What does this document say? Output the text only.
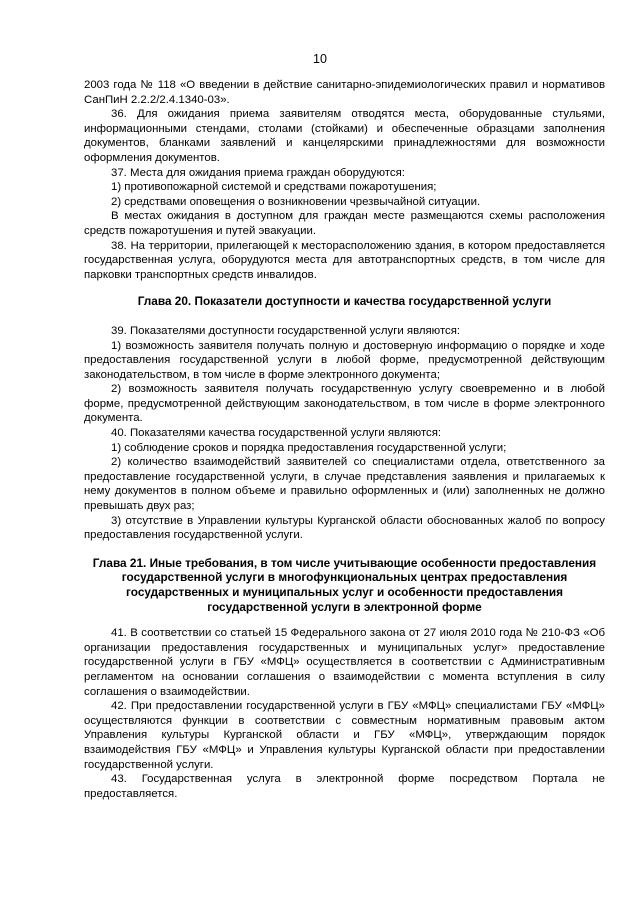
10

2003 года № 118 «О введении в действие санитарно-эпидемиологических правил и нормативов СанПиН 2.2.2/2.4.1340-03».

36. Для ожидания приема заявителям отводятся места, оборудованные стульями, информационными стендами, столами (стойками) и обеспеченные образцами заполнения документов, бланками заявлений и канцелярскими принадлежностями для возможности оформления документов.

37. Места для ожидания приема граждан оборудуются:

1) противопожарной системой и средствами пожаротушения;

2) средствами оповещения о возникновении чрезвычайной ситуации.

В местах ожидания в доступном для граждан месте размещаются схемы расположения средств пожаротушения и путей эвакуации.

38. На территории, прилегающей к месторасположению здания, в котором предоставляется государственная услуга, оборудуются места для автотранспортных средств, в том числе для парковки транспортных средств инвалидов.

Глава 20. Показатели доступности и качества государственной услуги

39. Показателями доступности государственной услуги являются:

1) возможность заявителя получать полную и достоверную информацию о порядке и ходе предоставления государственной услуги в любой форме, предусмотренной действующим законодательством, в том числе в форме электронного документа;

2) возможность заявителя получать государственную услугу своевременно и в любой форме, предусмотренной действующим законодательством, в том числе в форме электронного документа.

40. Показателями качества государственной услуги являются:

1) соблюдение сроков и порядка предоставления государственной услуги;

2) количество взаимодействий заявителей со специалистами отдела, ответственного за предоставление государственной услуги, в случае представления заявления и прилагаемых к нему документов в полном объеме и правильно оформленных и (или) заполненных не должно превышать двух раз;

3) отсутствие в Управлении культуры Курганской области обоснованных жалоб по вопросу предоставления государственной услуги.

Глава 21. Иные требования, в том числе учитывающие особенности предоставления государственной услуги в многофункциональных центрах предоставления государственных и муниципальных услуг и особенности предоставления государственной услуги в электронной форме

41. В соответствии со статьей 15 Федерального закона от 27 июля 2010 года № 210-ФЗ «Об организации предоставления государственных и муниципальных услуг» предоставление государственной услуги в ГБУ «МФЦ» осуществляется в соответствии с Административным регламентом на основании соглашения о взаимодействии с момента вступления в силу соглашения о взаимодействии.

42. При предоставлении государственной услуги в ГБУ «МФЦ» специалистами ГБУ «МФЦ» осуществляются функции в соответствии с совместным нормативным правовым актом Управления культуры Курганской области и ГБУ «МФЦ», утверждающим порядок взаимодействия ГБУ «МФЦ» и Управления культуры Курганской области при предоставлении государственной услуги.

43. Государственная услуга в электронной форме посредством Портала не предоставляется.
